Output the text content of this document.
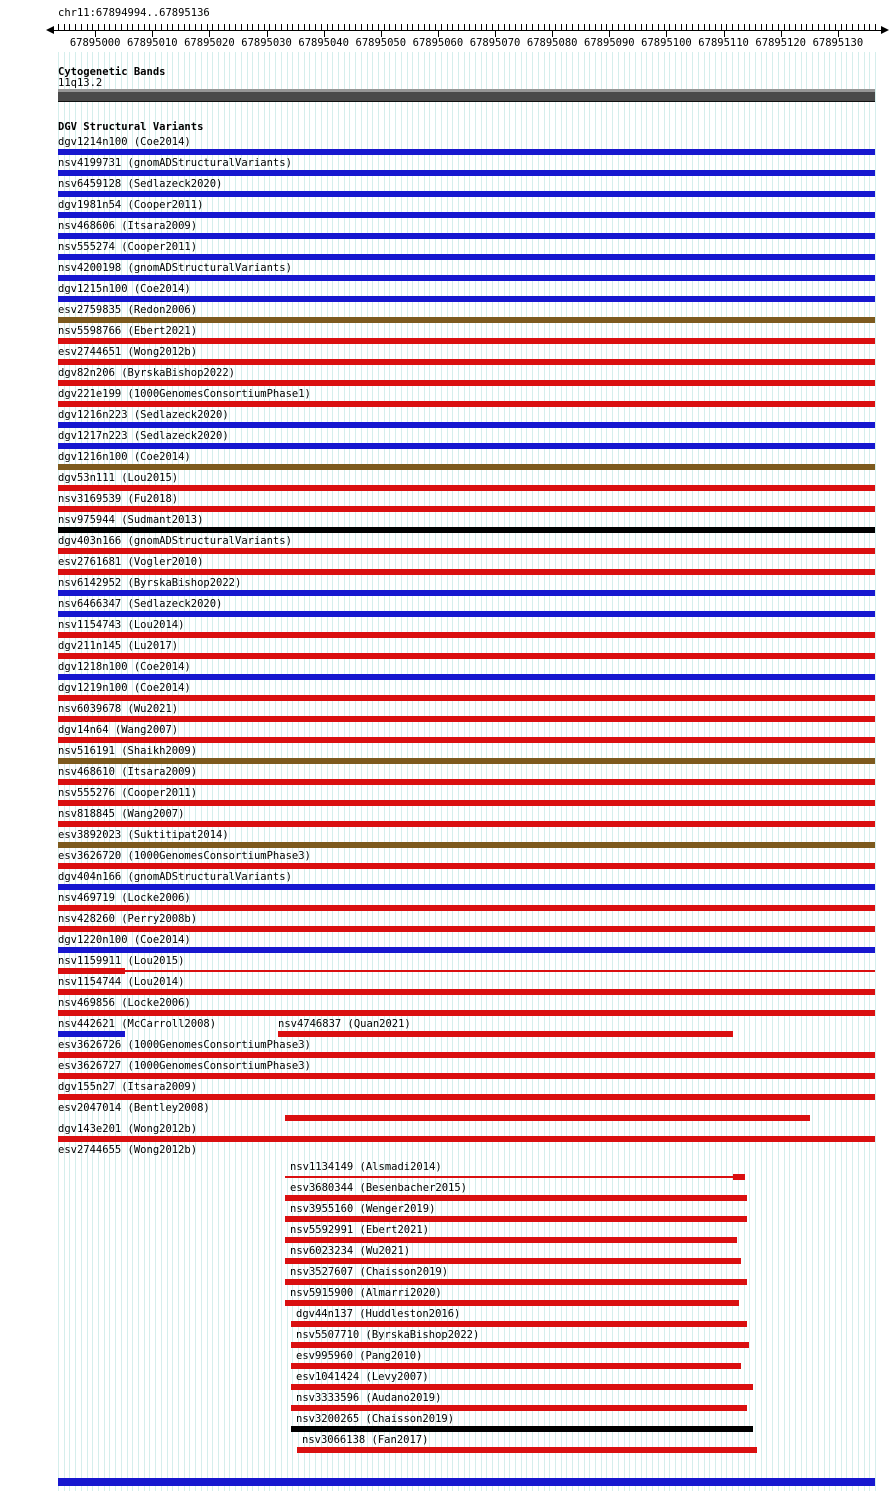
chr11:67894994..67895136
67895000 67895010 67895020 67895030 67895040 67895050 67895060 67895070 67895080 67895090 67895100 67895110 67895120 67895130
Cytogenetic Bands
11q13.2
DGV Structural Variants
dgv1214n100 (Coe2014)
nsv4199731 (gnomADStructuralVariants)
nsv6459128 (Sedlazeck2020)
dgv1981n54 (Cooper2011)
nsv468606 (Itsara2009)
nsv555274 (Cooper2011)
nsv4200198 (gnomADStructuralVariants)
dgv1215n100 (Coe2014)
esv2759835 (Redon2006)
nsv5598766 (Ebert2021)
esv2744651 (Wong2012b)
dgv82n206 (ByrskaBishop2022)
dgv221e199 (1000GenomesConsortiumPhase1)
dgv1216n223 (Sedlazeck2020)
dgv1217n223 (Sedlazeck2020)
dgv1216n100 (Coe2014)
dgv53n111 (Lou2015)
nsv3169539 (Fu2018)
nsv975944 (Sudmant2013)
dgv403n166 (gnomADStructuralVariants)
esv2761681 (Vogler2010)
nsv6142952 (ByrskaBishop2022)
nsv6466347 (Sedlazeck2020)
nsv1154743 (Lou2014)
dgv211n145 (Lu2017)
dgv1218n100 (Coe2014)
dgv1219n100 (Coe2014)
nsv6039678 (Wu2021)
dgv14n64 (Wang2007)
nsv516191 (Shaikh2009)
nsv468610 (Itsara2009)
nsv555276 (Cooper2011)
nsv818845 (Wang2007)
esv3892023 (Suktitipat2014)
esv3626720 (1000GenomesConsortiumPhase3)
dgv404n166 (gnomADStructuralVariants)
nsv469719 (Locke2006)
nsv428260 (Perry2008b)
dgv1220n100 (Coe2014)
nsv1159911 (Lou2015)
nsv1154744 (Lou2014)
nsv469856 (Locke2006)
nsv442621 (McCarroll2008)	nsv4746837 (Quan2021)
esv3626726 (1000GenomesConsortiumPhase3)
esv3626727 (1000GenomesConsortiumPhase3)
dgv155n27 (Itsara2009)
esv2047014 (Bentley2008)
dgv143e201 (Wong2012b)
esv2744655 (Wong2012b)
nsv1134149 (Alsmadi2014)
esv3680344 (Besenbacher2015)
nsv3955160 (Wenger2019)
nsv5592991 (Ebert2021)
nsv6023234 (Wu2021)
nsv3527607 (Chaisson2019)
nsv5915900 (Almarri2020)
dgv44n137 (Huddleston2016)
nsv5507710 (ByrskaBishop2022)
esv995960 (Pang2010)
esv1041424 (Levy2007)
nsv3333596 (Audano2019)
nsv3200265 (Chaisson2019)
nsv3066138 (Fan2017)
